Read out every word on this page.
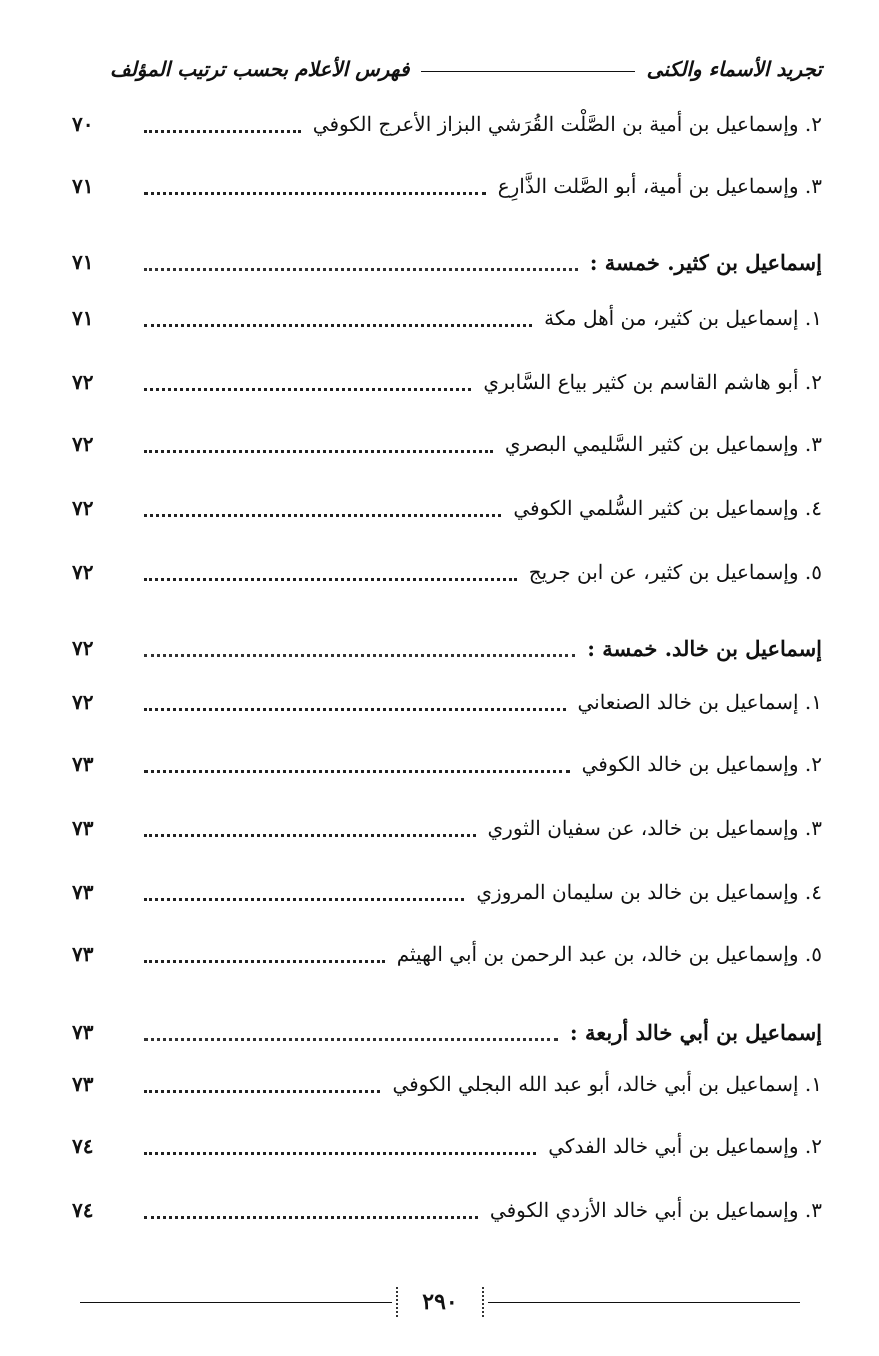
تجريد الأسماء والكنى
فهرس الأعلام بحسب ترتيب المؤلف
٧٠	٢. وإسماعيل بن أمية بن الصَّلْت القُرَشي البزاز الأعرج الكوفي
٧١	٣. وإسماعيل بن أمية، أبو الصَّلت الذَّارِع
٧١	إسماعيل بن كثير. خمسة :
٧١	١. إسماعيل بن كثير، من أهل مكة
٧٢	٢. أبو هاشم القاسم بن كثير بياع السَّابري
٧٢	٣. وإسماعيل بن كثير السَّليمي البصري
٧٢	٤. وإسماعيل بن كثير السُّلمي الكوفي
٧٢	٥. وإسماعيل بن كثير، عن ابن جريج
٧٢	إسماعيل بن خالد. خمسة :
٧٢	١. إسماعيل بن خالد الصنعاني
٧٣	٢. وإسماعيل بن خالد الكوفي
٧٣	٣. وإسماعيل بن خالد، عن سفيان الثوري
٧٣	٤. وإسماعيل بن خالد بن سليمان المروزي
٧٣	٥. وإسماعيل بن خالد، بن عبد الرحمن بن أبي الهيثم
٧٣	إسماعيل بن أبي خالد أربعة :
٧٣	١. إسماعيل بن أبي خالد، أبو عبد الله البجلي الكوفي
٧٤	٢. وإسماعيل بن أبي خالد الفدكي
٧٤	٣. وإسماعيل بن أبي خالد الأزدي الكوفي
٢٩٠
